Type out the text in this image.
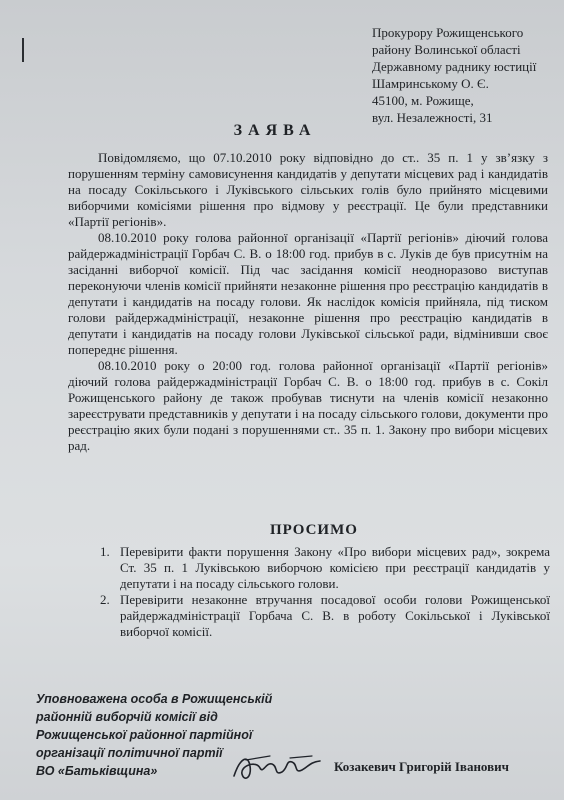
Прокурору Рожищенського
району Волинської області
Державному раднику юстиції
Шамринському О. Є.
45100, м. Рожище,
вул. Незалежності, 31
ЗАЯВА

Повідомляємо, що 07.10.2010 року відповідно до ст.. 35 п. 1 у зв’язку з порушенням терміну самовисунення кандидатів у депутати місцевих рад і кандидатів на посаду Сокільського і Луківського сільських голів було прийнято місцевими виборчими комісіями рішення про відмову у реєстрації. Це були представники «Партії регіонів».

08.10.2010 року голова районної організації «Партії регіонів» діючий голова райдержадміністрації Горбач С. В. о 18:00 год. прибув в с. Луків де був присутнім на засіданні виборчої комісії. Під час засідання комісії неодноразово виступав переконуючи членів комісії прийняти незаконне рішення про реєстрацію кандидатів в депутати і кандидатів на посаду голови. Як наслідок комісія прийняла, під тиском голови райдержадміністрації, незаконне рішення про реєстрацію кандидатів в депутати і кандидатів на посаду голови Луківської сільської ради, відмінивши своє попереднє рішення.

08.10.2010 року о 20:00 год. голова районної організації «Партії регіонів» діючий голова райдержадміністрації Горбач С. В. о 18:00 год. прибув в с. Сокіл Рожищенського району де також пробував тиснути на членів комісії незаконно зареєструвати представників у депутати і на посаду сільського голови, документи про реєстрацію яких були подані з порушеннями ст.. 35 п. 1. Закону про вибори місцевих рад.

ПРОСИМО
1. Перевірити факти порушення Закону «Про вибори місцевих рад», зокрема Ст. 35 п. 1 Луківською виборчою комісією при реєстрації кандидатів у депутати і на посаду сільського голови.
2. Перевірити незаконне втручання посадової особи голови Рожищенської райдержадміністрації Горбача С. В. в роботу Сокільської і Луківської виборчої комісії.
Уповноважена особа в Рожищенській
районній виборчій комісії від
Рожищенської районної партійної
організації політичної партії
ВО «Батьківщина»	Козакевич Григорій Іванович
